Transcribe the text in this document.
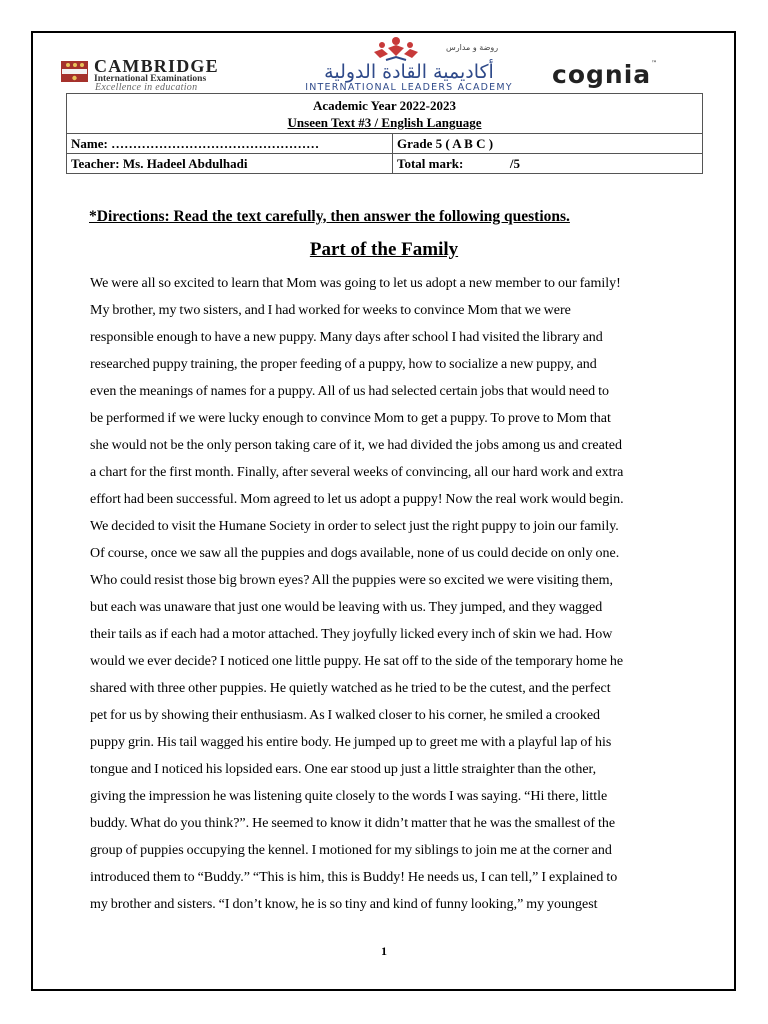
CAMBRIDGE
International Examinations
Excellence in education
روضة و مدارس
أكاديمية القادة الدولية
INTERNATIONAL LEADERS ACADEMY	cognia™
Academic Year 2022-2023
Unseen Text #3 / English Language	

Name: …………………………………………	Grade 5 ( A B C )
Teacher: Ms. Hadeel Abdulhadi	Total mark: /5
*Directions: Read the text carefully, then answer the following questions.
Part of the Family
We were all so excited to learn that Mom was going to let us adopt a new member to our family!
My brother, my two sisters, and I had worked for weeks to convince Mom that we were
responsible enough to have a new puppy. Many days after school I had visited the library and
researched puppy training, the proper feeding of a puppy, how to socialize a new puppy, and
even the meanings of names for a puppy. All of us had selected certain jobs that would need to
be performed if we were lucky enough to convince Mom to get a puppy. To prove to Mom that
she would not be the only person taking care of it, we had divided the jobs among us and created
a chart for the first month. Finally, after several weeks of convincing, all our hard work and extra
effort had been successful. Mom agreed to let us adopt a puppy! Now the real work would begin.
We decided to visit the Humane Society in order to select just the right puppy to join our family.
Of course, once we saw all the puppies and dogs available, none of us could decide on only one.
Who could resist those big brown eyes? All the puppies were so excited we were visiting them,
but each was unaware that just one would be leaving with us. They jumped, and they wagged
their tails as if each had a motor attached. They joyfully licked every inch of skin we had. How
would we ever decide? I noticed one little puppy. He sat off to the side of the temporary home he
shared with three other puppies. He quietly watched as he tried to be the cutest, and the perfect
pet for us by showing their enthusiasm. As I walked closer to his corner, he smiled a crooked
puppy grin. His tail wagged his entire body. He jumped up to greet me with a playful lap of his
tongue and I noticed his lopsided ears. One ear stood up just a little straighter than the other,
giving the impression he was listening quite closely to the words I was saying. “Hi there, little
buddy. What do you think?”. He seemed to know it didn’t matter that he was the smallest of the
group of puppies occupying the kennel. I motioned for my siblings to join me at the corner and
introduced them to “Buddy.” “This is him, this is Buddy! He needs us, I can tell,” I explained to
my brother and sisters. “I don’t know, he is so tiny and kind of funny looking,” my youngest
1
